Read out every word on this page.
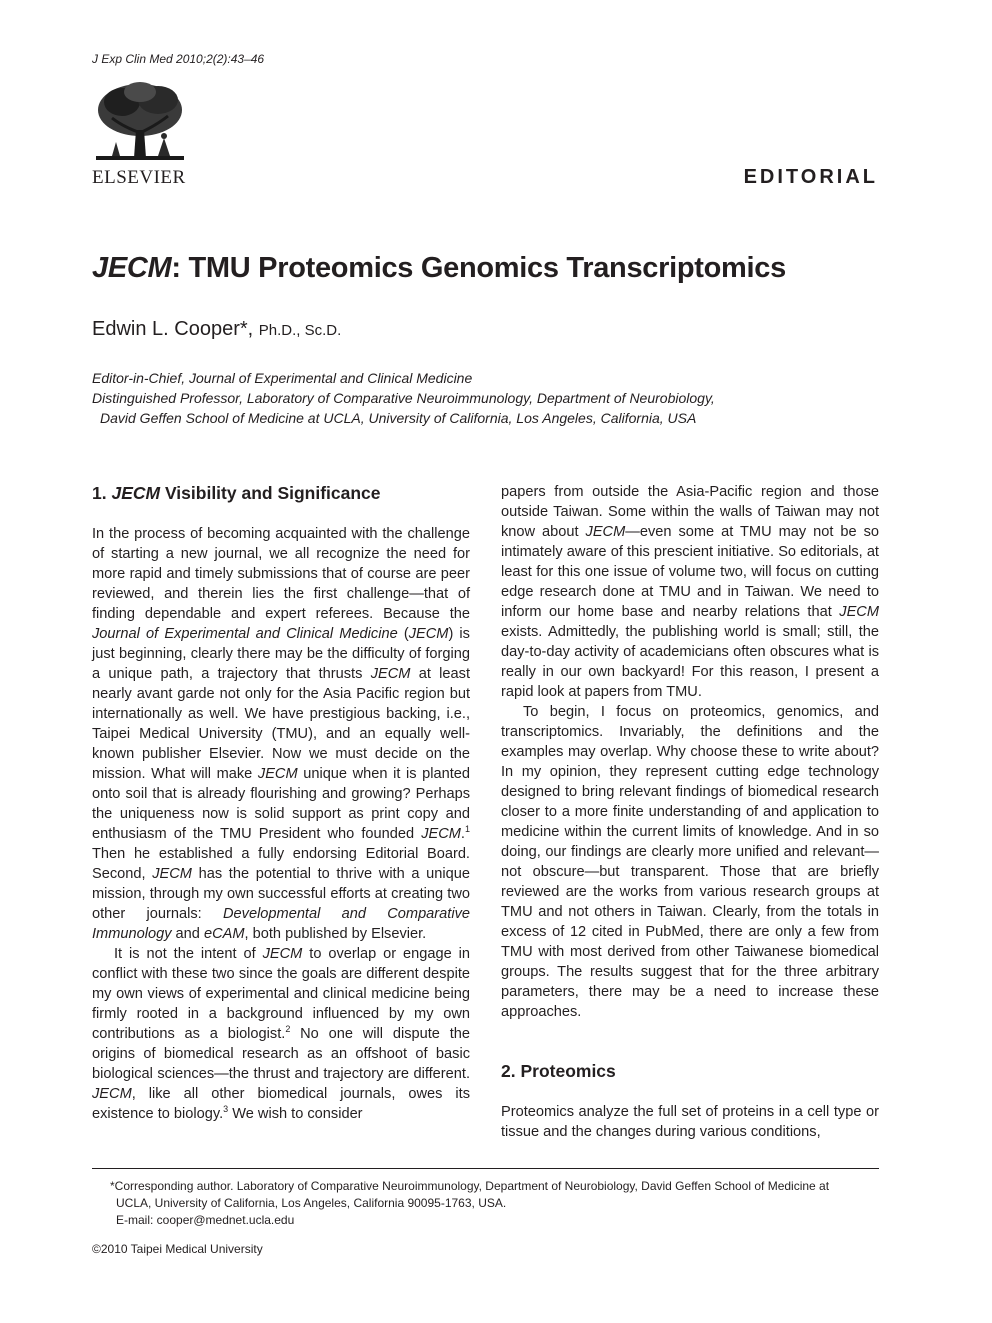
J Exp Clin Med 2010;2(2):43–46
ELSEVIER	EDITORIAL
JECM: TMU Proteomics Genomics Transcriptomics
Edwin L. Cooper*, Ph.D., Sc.D.
Editor-in-Chief, Journal of Experimental and Clinical Medicine
Distinguished Professor, Laboratory of Comparative Neuroimmunology, Department of Neurobiology,
David Geffen School of Medicine at UCLA, University of California, Los Angeles, California, USA
1. JECM Visibility and Significance

In the process of becoming acquainted with the challenge of starting a new journal, we all recognize the need for more rapid and timely submissions that of course are peer reviewed, and therein lies the first challenge—that of finding dependable and expert referees. Because the Journal of Experimental and Clinical Medicine (JECM) is just beginning, clearly there may be the difficulty of forging a unique path, a trajectory that thrusts JECM at least nearly avant garde not only for the Asia Pacific region but internationally as well. We have prestigious backing, i.e., Taipei Medical University (TMU), and an equally well-known publisher Elsevier. Now we must decide on the mission. What will make JECM unique when it is planted onto soil that is already flourishing and growing? Perhaps the uniqueness now is solid support as print copy and enthusiasm of the TMU President who founded JECM.$^1$ Then he established a fully endorsing Editorial Board. Second, JECM has the potential to thrive with a unique mission, through my own successful efforts at creating two other journals: Developmental and Comparative Immunology and eCAM, both published by Elsevier.

It is not the intent of JECM to overlap or engage in conflict with these two since the goals are different despite my own views of experimental and clinical medicine being firmly rooted in a background influenced by my own contributions as a biologist.$^2$ No one will dispute the origins of biomedical research as an offshoot of basic biological sciences—the thrust and trajectory are different. JECM, like all other biomedical journals, owes its existence to biology.$^3$ We wish to consider

papers from outside the Asia-Pacific region and those outside Taiwan. Some within the walls of Taiwan may not know about JECM—even some at TMU may not be so intimately aware of this prescient initiative. So editorials, at least for this one issue of volume two, will focus on cutting edge research done at TMU and in Taiwan. We need to inform our home base and nearby relations that JECM exists. Admittedly, the publishing world is small; still, the day-to-day activity of academicians often obscures what is really in our own backyard! For this reason, I present a rapid look at papers from TMU.

To begin, I focus on proteomics, genomics, and transcriptomics. Invariably, the definitions and the examples may overlap. Why choose these to write about? In my opinion, they represent cutting edge technology designed to bring relevant findings of biomedical research closer to a more finite understanding of and application to medicine within the current limits of knowledge. And in so doing, our findings are clearly more unified and relevant—not obscure—but transparent. Those that are briefly reviewed are the works from various research groups at TMU and not others in Taiwan. Clearly, from the totals in excess of 12 cited in PubMed, there are only a few from TMU with most derived from other Taiwanese biomedical groups. The results suggest that for the three arbitrary parameters, there may be a need to increase these approaches.

2. Proteomics

Proteomics analyze the full set of proteins in a cell type or tissue and the changes during various conditions,

*Corresponding author. Laboratory of Comparative Neuroimmunology, Department of Neurobiology, David Geffen School of Medicine at
UCLA, University of California, Los Angeles, California 90095-1763, USA.
E-mail: cooper@mednet.ucla.edu
©2010 Taipei Medical University
